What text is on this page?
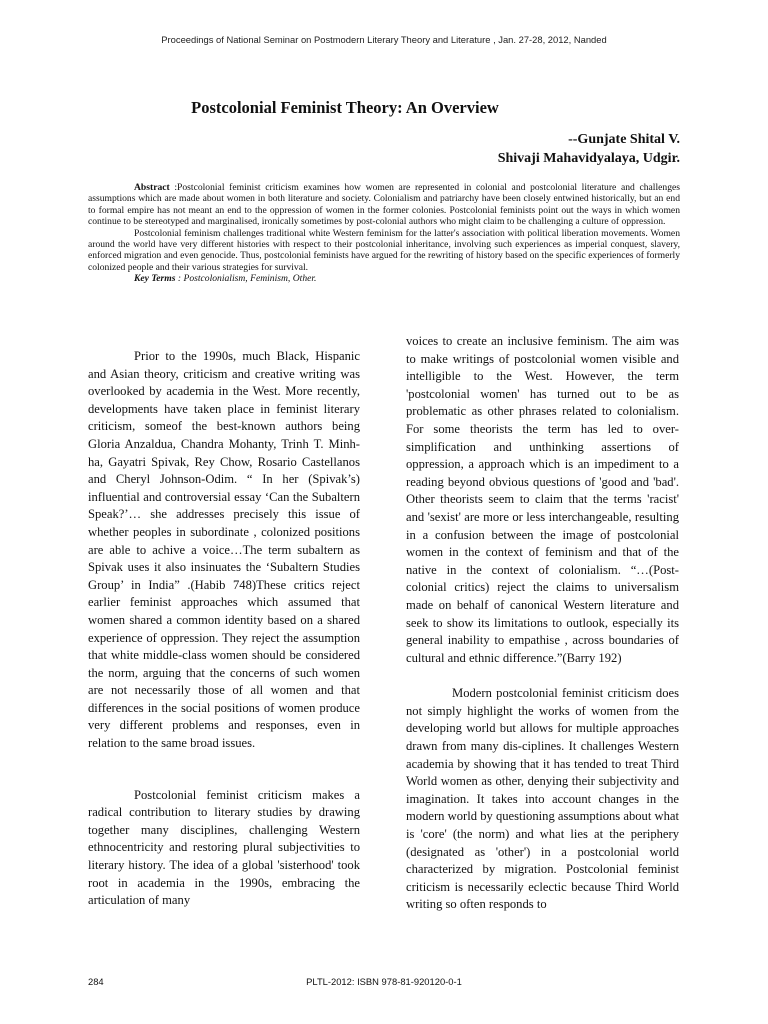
Proceedings of National Seminar on Postmodern Literary Theory and Literature , Jan. 27-28, 2012, Nanded
Postcolonial Feminist Theory: An Overview
--Gunjate Shital V.
Shivaji Mahavidyalaya, Udgir.

Abstract :Postcolonial feminist criticism examines how women are represented in colonial and postcolonial literature and challenges assumptions which are made about women in both literature and society. Colonialism and patriarchy have been closely entwined historically, but an end to formal empire has not meant an end to the oppression of women in the former colonies. Postcolonial feminists point out the ways in which women continue to be stereotyped and marginalised, ironically sometimes by post-colonial authors who might claim to be challenging a culture of oppression.

Postcolonial feminism challenges traditional white Western feminism for the latter's association with political liberation movements. Women around the world have very different histories with respect to their postcolonial inheritance, involving such experiences as imperial conquest, slavery, enforced migration and even genocide. Thus, postcolonial feminists have argued for the rewriting of history based on the specific experiences of formerly colonized people and their various strategies for survival.

Key Terms : Postcolonialism, Feminism, Other.

Prior to the 1990s, much Black, Hispanic and Asian theory, criticism and creative writing was overlooked by academia in the West. More recently, developments have taken place in feminist literary criticism, someof the best-known authors being Gloria Anzaldua, Chandra Mohanty, Trinh T. Minh-ha, Gayatri Spivak, Rey Chow, Rosario Castellanos and Cheryl Johnson-Odim. “ In her (Spivak’s) influential and controversial essay ‘Can the Subaltern Speak?’… she addresses precisely this issue of whether peoples in subordinate , colonized positions are able to achive a voice…The term subaltern as Spivak uses it also insinuates the ‘Subaltern Studies Group’ in India” .(Habib 748)These critics reject earlier feminist approaches which assumed that women shared a common identity based on a shared experience of oppression. They reject the assumption that white middle-class women should be considered the norm, arguing that the concerns of such women are not necessarily those of all women and that differences in the social positions of women produce very different problems and responses, even in relation to the same broad issues.

Postcolonial feminist criticism makes a radical contribution to literary studies by drawing together many disciplines, challenging Western ethnocentricity and restoring plural subjectivities to literary history. The idea of a global 'sisterhood' took root in academia in the 1990s, embracing the articulation of many

voices to create an inclusive feminism. The aim was to make writings of postcolonial women visible and intelligible to the West. However, the term 'postcolonial women' has turned out to be as problematic as other phrases related to colonialism. For some theorists the term has led to over-simplification and unthinking assertions of oppression, a approach which is an impediment to a reading beyond obvious questions of 'good and 'bad'. Other theorists seem to claim that the terms 'racist' and 'sexist' are more or less interchangeable, resulting in a confusion between the image of postcolonial women in the context of feminism and that of the native in the context of colonialism. “…(Post-colonial critics) reject the claims to universalism made on behalf of canonical Western literature and seek to show its limitations to outlook, especially its general inability to empathise , across boundaries of cultural and ethnic difference.”(Barry 192)

Modern postcolonial feminist criticism does not simply highlight the works of women from the developing world but allows for multiple approaches drawn from many dis-ciplines. It challenges Western academia by showing that it has tended to treat Third World women as other, denying their subjectivity and imagination. It takes into account changes in the modern world by questioning assumptions about what is 'core' (the norm) and what lies at the periphery (designated as 'other') in a postcolonial world characterized by migration. Postcolonial feminist criticism is necessarily eclectic because Third World writing so often responds to

284	PLTL-2012: ISBN 978-81-920120-0-1
